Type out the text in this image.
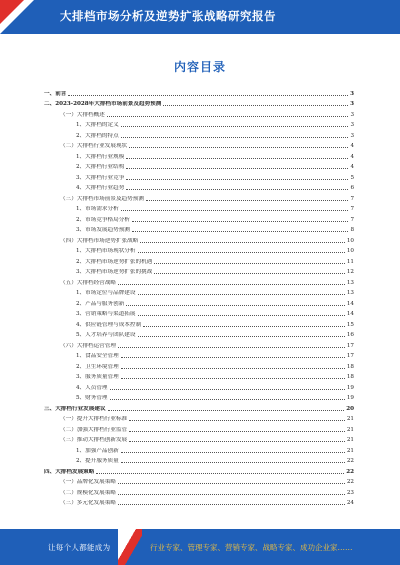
大排档市场分析及逆势扩张战略研究报告
内容目录
一、前言	3
二、2023-2028年大排档市场前景及趋势预测	3
（一）大排档概述	3
1、大排档的定义	3
2、大排档的特点	3
（二）大排档行业发展现状	4
1、大排档行业规模	4
2、大排档行业结构	4
3、大排档行业竞争	5
4、大排档行业趋势	6
（三）大排档市场前景及趋势预测	7
1、市场需求分析	7
2、市场竞争格局分析	7
3、市场发展趋势预测	8
（四）大排档市场逆势扩张战略	10
1、大排档市场现状分析	10
2、大排档市场逆势扩张的机遇	11
3、大排档市场逆势扩张的挑战	12
（五）大排档经营战略	13
1、市场定位与品牌建设	13
2、产品与服务创新	14
3、营销策略与渠道拓展	14
4、供应链管理与成本控制	15
5、人才培养与团队建设	16
（六）大排档运营管理	17
1、食品安全管理	17
2、卫生环境管理	18
3、服务质量管理	18
4、人员管理	19
5、财务管理	19
三、大排档行业发展建议	20
（一）提升大排档行业标准	21
（二）加强大排档行业监管	21
（三）推动大排档创新发展	21
1、加强产品创新	21
2、提升服务质量	22
四、大排档发展策略	22
（一）品牌化发展策略	22
（二）规模化发展策略	23
（三）多元化发展策略	24
让每个人都能成为	行业专家、管理专家、营销专家、战略专家、成功企业家……
